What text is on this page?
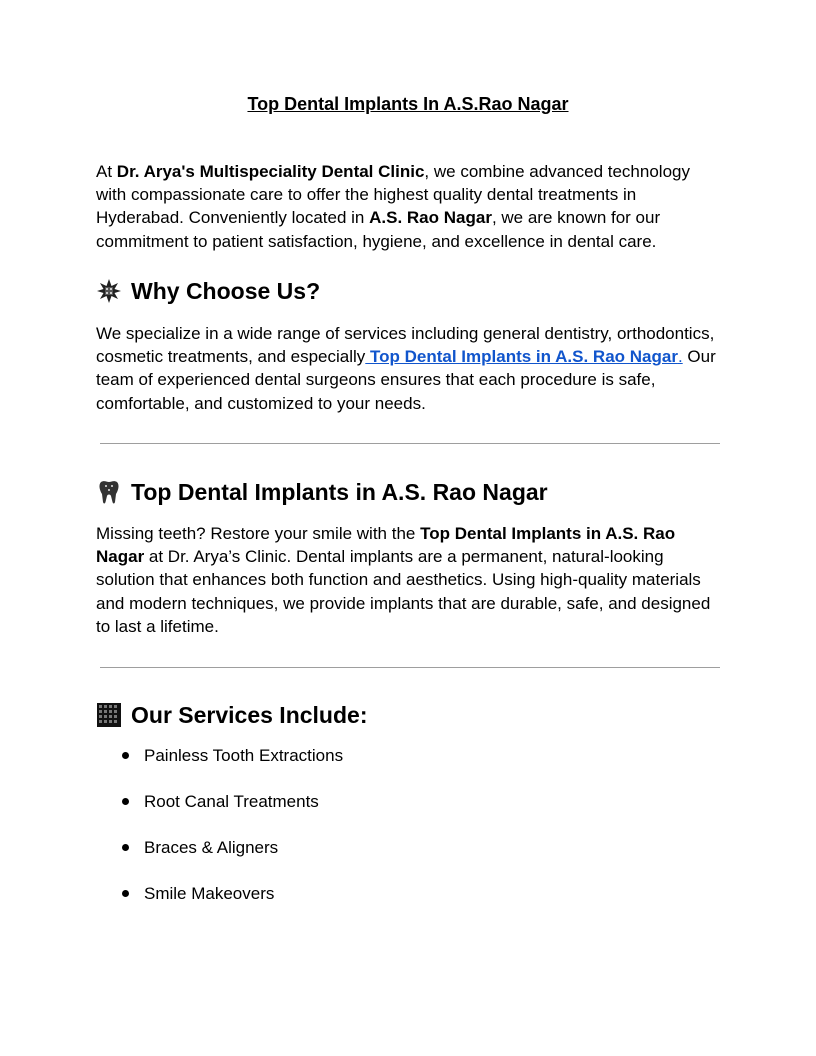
Top Dental Implants In A.S.Rao Nagar

At Dr. Arya's Multispeciality Dental Clinic, we combine advanced technology with compassionate care to offer the highest quality dental treatments in Hyderabad. Conveniently located in A.S. Rao Nagar, we are known for our commitment to patient satisfaction, hygiene, and excellence in dental care.

Why Choose Us?

We specialize in a wide range of services including general dentistry, orthodontics, cosmetic treatments, and especially Top Dental Implants in A.S. Rao Nagar. Our team of experienced dental surgeons ensures that each procedure is safe, comfortable, and customized to your needs.

Top Dental Implants in A.S. Rao Nagar

Missing teeth? Restore your smile with the Top Dental Implants in A.S. Rao Nagar at Dr. Arya’s Clinic. Dental implants are a permanent, natural-looking solution that enhances both function and aesthetics. Using high-quality materials and modern techniques, we provide implants that are durable, safe, and designed to last a lifetime.

Our Services Include:
Painless Tooth Extractions
Root Canal Treatments
Braces & Aligners
Smile Makeovers
